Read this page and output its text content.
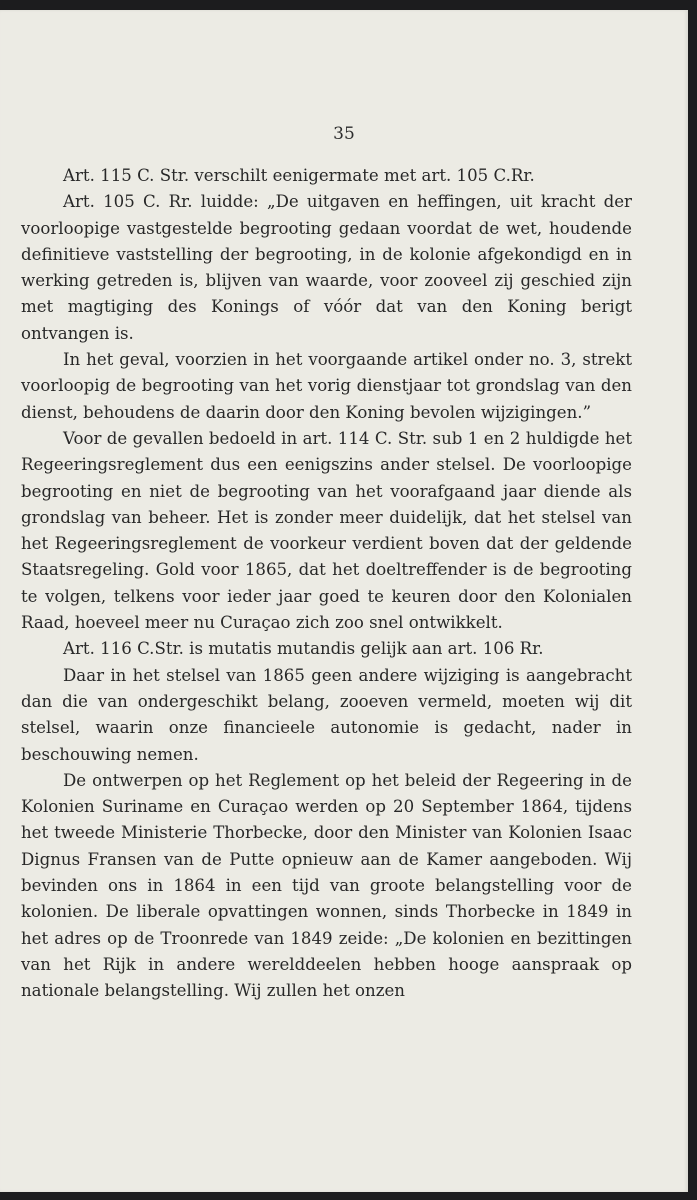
35

Art. 115 C. Str. verschilt eenigermate met art. 105 C.Rr.

Art. 105 C. Rr. luidde: „De uitgaven en heffingen, uit kracht der voorloopige vastgestelde begrooting gedaan voordat de wet, houdende definitieve vaststelling der begrooting, in de kolonie afgekondigd en in werking getreden is, blijven van waarde, voor zooveel zij geschied zijn met magtiging des Konings of vóór dat van den Koning berigt ontvangen is.

In het geval, voorzien in het voorgaande artikel onder no. 3, strekt voorloopig de begrooting van het vorig dienstjaar tot grondslag van den dienst, behoudens de daarin door den Koning bevolen wijzigingen.”

Voor de gevallen bedoeld in art. 114 C. Str. sub 1 en 2 huldigde het Regeeringsreglement dus een eenigszins ander stelsel. De voorloopige begrooting en niet de begrooting van het voorafgaand jaar diende als grondslag van beheer. Het is zonder meer duidelijk, dat het stelsel van het Regeeringsreglement de voorkeur verdient boven dat der geldende Staatsregeling. Gold voor 1865, dat het doeltreffender is de begrooting te volgen, telkens voor ieder jaar goed te keuren door den Kolonialen Raad, hoeveel meer nu Curaçao zich zoo snel ontwikkelt.

Art. 116 C.Str. is mutatis mutandis gelijk aan art. 106 Rr.

Daar in het stelsel van 1865 geen andere wijziging is aangebracht dan die van ondergeschikt belang, zooeven vermeld, moeten wij dit stelsel, waarin onze financieele autonomie is gedacht, nader in beschouwing nemen.

De ontwerpen op het Reglement op het beleid der Regeering in de Kolonien Suriname en Curaçao werden op 20 September 1864, tijdens het tweede Ministerie Thorbecke, door den Minister van Kolonien Isaac Dignus Fransen van de Putte opnieuw aan de Kamer aangeboden. Wij bevinden ons in 1864 in een tijd van groote belangstelling voor de kolonien. De liberale opvattingen wonnen, sinds Thorbecke in 1849 in het adres op de Troonrede van 1849 zeide: „De kolonien en bezittingen van het Rijk in andere werelddeelen hebben hooge aanspraak op nationale belangstelling. Wij zullen het onzen
